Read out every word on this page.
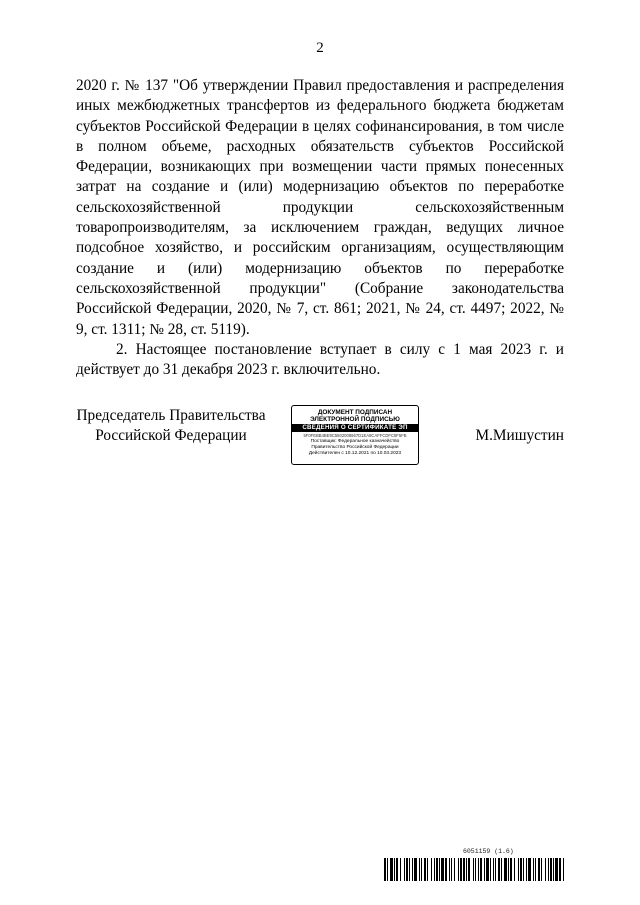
2

2020 г. № 137 "Об утверждении Правил предоставления и распределения иных межбюджетных трансфертов из федерального бюджета бюджетам субъектов Российской Федерации в целях софинансирования, в том числе в полном объеме, расходных обязательств субъектов Российской Федерации, возникающих при возмещении части прямых понесенных затрат на создание и (или) модернизацию объектов по переработке сельскохозяйственной продукции сельскохозяйственным товаропроизводителям, за исключением граждан, ведущих личное подсобное хозяйство, и российским организациям, осуществляющим создание и (или) модернизацию объектов по переработке сельскохозяйственной продукции" (Собрание законодательства Российской Федерации, 2020, № 7, ст. 861; 2021, № 24, ст. 4497; 2022, № 9, ст. 1311; № 28, ст. 5119).

2. Настоящее постановление вступает в силу с 1 мая 2023 г. и действует до 31 декабря 2023 г. включительно.

Председатель Правительства
Российской Федерации
ДОКУМЕНТ ПОДПИСАН
ЭЛЕКТРОННОЙ ПОДПИСЬЮ
СВЕДЕНИЯ О СЕРТИФИКАТЕ ЭП
5F0FEBB4BE9C5502008667D1EA8CAFFCDFC5F5FB
Поставщик: Федеральное казначейство
Правительство Российской Федерации
Действителен с 10.12.2021 по 10.03.2023
М.Мишустин
6051159 (1.6)
